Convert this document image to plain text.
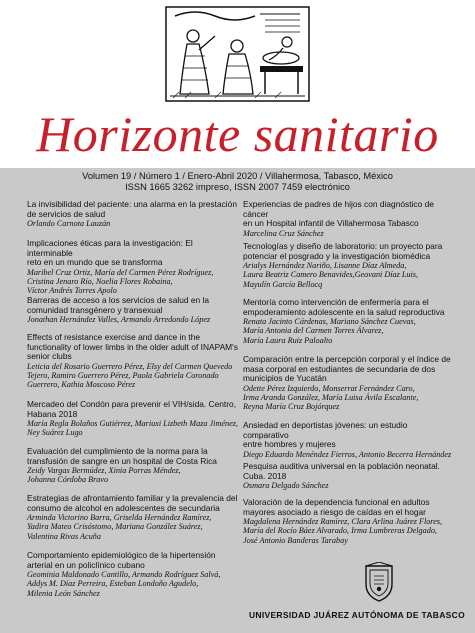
Horizonte sanitario
Volumen 19 / Número 1 / Enero-Abril 2020 / Villahermosa, Tabasco, México
ISSN 1665 3262 impreso, ISSN 2007 7459 electrónico
La invisibilidad del paciente: una alarma en la prestación
de servicios de salud
Orlando Carnota Lauzán
Implicaciones éticas para la investigación: El interminable
reto en un mundo que se transforma
Maribel Cruz Ortiz, María del Carmen Pérez Rodríguez,
Cristina Jenaro Río, Noelia Flores Robaina,
Víctor Andrés Torres Apolo
Barreras de acceso a los servicios de salud en la
comunidad transgénero y transexual
Jonathan Hernández Valles, Armando Arredondo López
Effects of resistance exercise and dance in the
functionality of lower limbs in the older adult of INAPAM's
senior clubs
Leticia del Rosario Guerrero Pérez, Elsy del Carmen Quevedo
Tejero, Ramiro Guerrero Pérez, Paola Gabriela Coronado
Guerrero, Kathia Moscoso Pérez
Mercadeo del Condón para prevenir el VIH/sida. Centro,
Habana 2018
María Regla Bolaños Gutiérrez, Mariuxi Lizbeth Maza Jiménez,
Ney Suárez Lugo
Evaluación del cumplimiento de la norma para la
transfusión de sangre en un hospital de Costa Rica
Zeidy Vargas Bermúdez, Xinia Porras Méndez,
Johanna Córdoba Bravo
Estrategias de afrontamiento familiar y la prevalencia del
consumo de alcohol en adolescentes de secundaria
Arminda Victorino Barra, Griselda Hernández Ramírez,
Yadira Mateo Crisóstomo, Mariana González Suárez,
Valentina Rivas Acuña
Comportamiento epidemiológico de la hipertensión
arterial en un policlínico cubano
Geominia Maldonado Cantillo, Armando Rodríguez Salvá,
Addys M. Díaz Perreira, Esteban Londoño Agudelo,
Milenia León Sánchez
Experiencias de padres de hijos con diagnóstico de cáncer
en un Hospital infantil de Villahermosa Tabasco
Marcelina Cruz Sánchez
Tecnologías y diseño de laboratorio: un proyecto para
potenciar el posgrado y la investigación biomédica
Arialys Hernández Nariño, Lisanne Díaz Almeda,
Laura Beatriz Camero Benavides,Geovani Díaz Luis,
Mayulín García Bellocq
Mentoría como intervención de enfermería para el
empoderamiento adolescente en la salud reproductiva
Renata Jacinto Cárdenas, Mariano Sánchez Cuevas,
María Antonia del Carmen Torres Álvarez,
María Laura Ruiz Paloalto
Comparación entre la percepción corporal y el índice de
masa corporal en estudiantes de secundaria de dos
municipios de Yucatán
Odette Pérez Izquierdo, Monserrat Fernández Caro,
Irma Aranda González, María Luisa Ávila Escalante,
Reyna María Cruz Bojórquez
Ansiedad en deportistas jóvenes: un estudio comparativo
entre hombres y mujeres
Diego Eduardo Menéndez Fierros, Antonio Becerra Hernández
Pesquisa auditiva universal en la población neonatal.
Cuba. 2018
Osmara Delgado Sánchez
Valoración de la dependencia funcional en adultos
mayores asociado a riesgo de caídas en el hogar
Magdalena Hernández Ramírez, Clara Arlina Juárez Flores,
María del Rocío Báez Alvarado, Irma Lumbreras Delgado,
José Antonio Banderas Tarabay
UNIVERSIDAD JUÁREZ AUTÓNOMA DE TABASCO
